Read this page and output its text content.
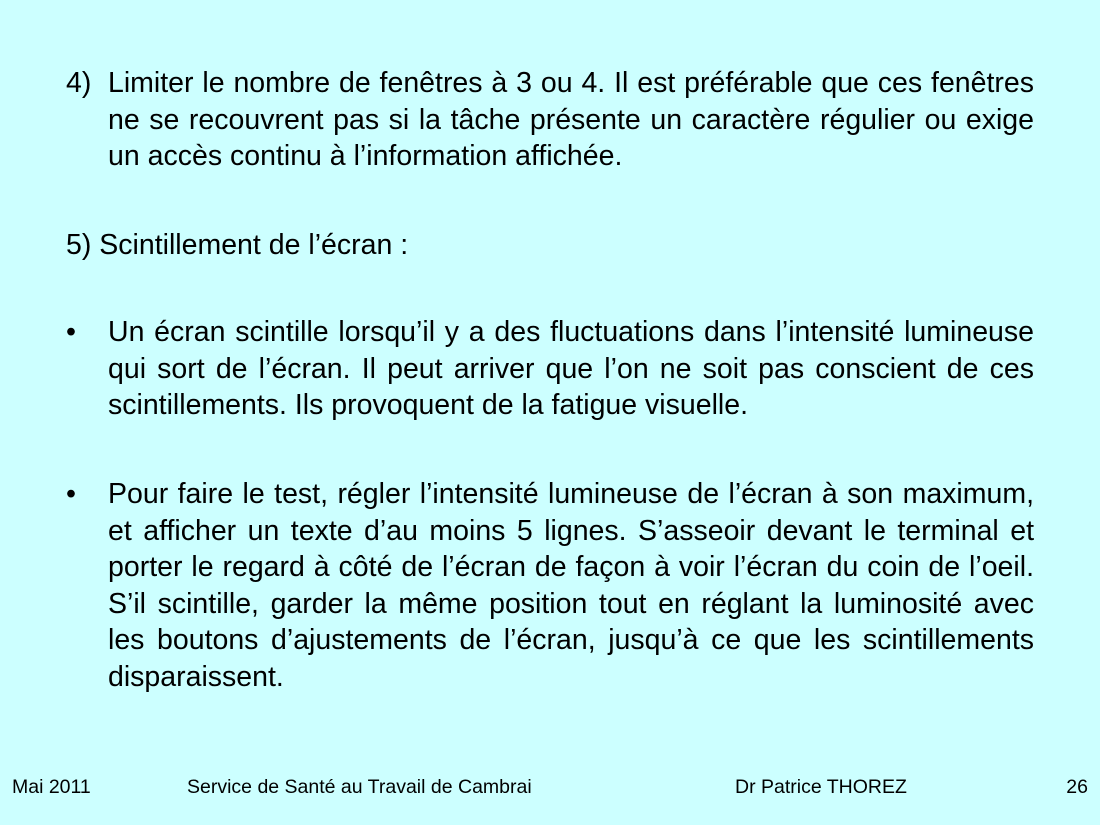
4) Limiter le nombre de fenêtres à 3 ou 4. Il est préférable que ces fenêtres ne se recouvrent pas si la tâche présente un caractère régulier ou exige un accès continu à l’information affichée.

5) Scintillement de l’écran :

• Un écran scintille lorsqu’il y a des fluctuations dans l’intensité lumineuse qui sort de l’écran. Il peut arriver que l’on ne soit pas conscient de ces scintillements. Ils provoquent de la fatigue visuelle.
• Pour faire le test, régler l’intensité lumineuse de l’écran à son maximum, et afficher un texte d’au moins 5 lignes. S’asseoir devant le terminal et porter le regard à côté de l’écran de façon à voir l’écran du coin de l’oeil. S’il scintille, garder la même position tout en réglant la luminosité avec les boutons d’ajustements de l’écran, jusqu’à ce que les scintillements disparaissent.
Mai 2011	Service de Santé au Travail de Cambrai	Dr Patrice THOREZ	26
